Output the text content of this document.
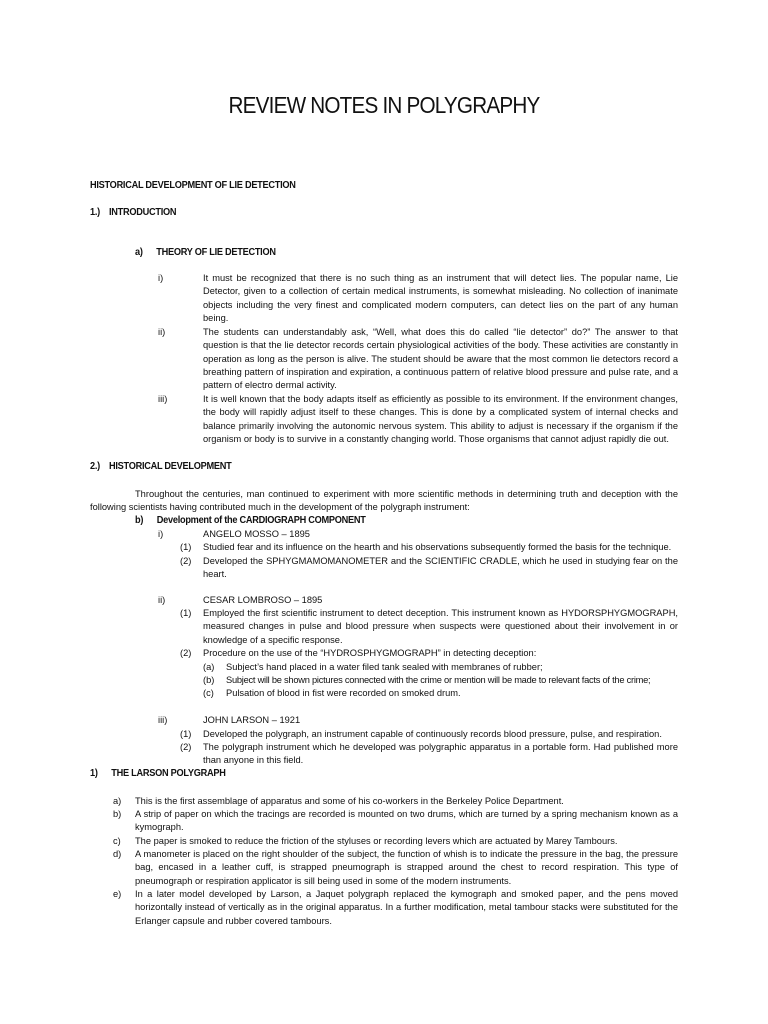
REVIEW NOTES IN POLYGRAPHY
HISTORICAL DEVELOPMENT OF LIE DETECTION
1.)    INTRODUCTION
a)      THEORY OF LIE DETECTION
i)	It must be recognized that there is no such thing as an instrument that will detect lies. The popular name, Lie Detector, given to a collection of certain medical instruments, is somewhat misleading. No collection of inanimate objects including the very finest and complicated modern computers, can detect lies on the part of any human being.
ii)	The students can understandably ask, “Well, what does this do called “lie detector” do?” The answer to that question is that the lie detector records certain physiological activities of the body. These activities are constantly in operation as long as the person is alive. The student should be aware that the most common lie detectors record a breathing pattern of inspiration and expiration, a continuous pattern of relative blood pressure and pulse rate, and a pattern of electro dermal activity.
iii)	It is well known that the body adapts itself as efficiently as possible to its environment. If the environment changes, the body will rapidly adjust itself to these changes. This is done by a complicated system of internal checks and balance primarily involving the autonomic nervous system. This ability to adjust is necessary if the organism if the organism or body is to survive in a constantly changing world. Those organisms that cannot adjust rapidly die out.
2.)    HISTORICAL DEVELOPMENT
Throughout the centuries, man continued to experiment with more scientific methods in determining truth and deception with the following scientists having contributed much in the development of the polygraph instrument:
b)      Development of the CARDIOGRAPH COMPONENT
i)	ANGELO MOSSO – 1895
(1) Studied fear and its influence on the hearth and his observations subsequently formed the basis for the technique.
(2) Developed the SPHYGMAMOMANOMETER and the SCIENTIFIC CRADLE, which he used in studying fear on the heart.
ii)	CESAR LOMBROSO – 1895
(1) Employed the first scientific instrument to detect deception. This instrument known as HYDORSPHYGMOGRAPH, measured changes in pulse and blood pressure when suspects were questioned about their involvement in or knowledge of a specific response.
(2) Procedure on the use of the “HYDROSPHYGMOGRAPH” in detecting deception:
(a) Subject’s hand placed in a water filed tank sealed with membranes of rubber;
(b) Subject will be shown pictures connected with the crime or mention will be made to relevant facts of the crime;
(c) Pulsation of blood in fist were recorded on smoked drum.
iii)	JOHN LARSON – 1921
(1) Developed the polygraph, an instrument capable of continuously records blood pressure, pulse, and respiration.
(2) The polygraph instrument which he developed was polygraphic apparatus in a portable form. Had published more than anyone in this field.
1)      THE LARSON POLYGRAPH
a) This is the first assemblage of apparatus and some of his co-workers in the Berkeley Police Department.
b) A strip of paper on which the tracings are recorded is mounted on two drums, which are turned by a spring mechanism known as a kymograph.
c) The paper is smoked to reduce the friction of the styluses or recording levers which are actuated by Marey Tambours.
d) A manometer is placed on the right shoulder of the subject, the function of whish is to indicate the pressure in the bag, the pressure bag, encased in a leather cuff, is strapped pneumograph is strapped around the chest to record respiration. This type of pneumograph or respiration applicator is sill being used in some of the modern instruments.
e) In a later model developed by Larson, a Jaquet polygraph replaced the kymograph and smoked paper, and the pens moved horizontally instead of vertically as in the original apparatus. In a further modification, metal tambour stacks were substituted for the Erlanger capsule and rubber covered tambours.
